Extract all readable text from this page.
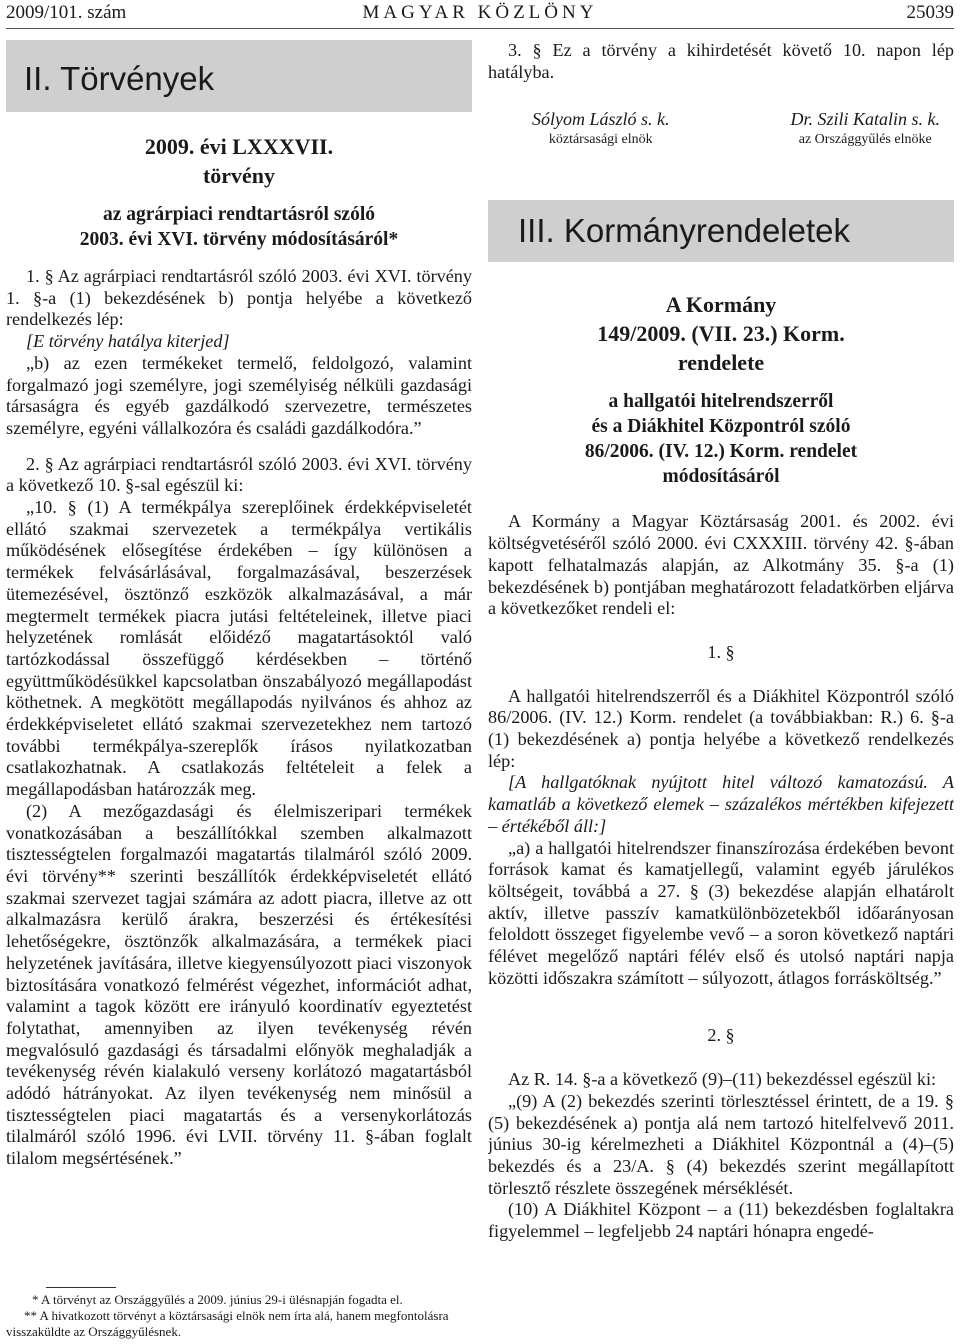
2009/101. szám	MAGYAR KÖZLÖNY	25039
II. Törvények
2009. évi LXXXVII.
törvény
az agrárpiaci rendtartásról szóló
2003. évi XVI. törvény módosításáról*

1. § Az agrárpiaci rendtartásról szóló 2003. évi XVI. törvény 1. §-a (1) bekezdésének b) pontja helyébe a következő rendelkezés lép:

[E törvény hatálya kiterjed]

„b) az ezen termékeket termelő, feldolgozó, valamint forgalmazó jogi személyre, jogi személyiség nélküli gazdasági társaságra és egyéb gazdálkodó szervezetre, természetes személyre, egyéni vállalkozóra és családi gazdálkodóra.”

2. § Az agrárpiaci rendtartásról szóló 2003. évi XVI. törvény a következő 10. §-sal egészül ki:

„10. § (1) A termékpálya szereplőinek érdekképviseletét ellátó szakmai szervezetek a termékpálya vertikális működésének elősegítése érdekében – így különösen a termékek felvásárlásával, forgalmazásával, beszerzések ütemezésével, ösztönző eszközök alkalmazásával, a már megtermelt termékek piacra jutási feltételeinek, illetve piaci helyzetének romlását előidéző magatartásoktól való tartózkodással összefüggő kérdésekben – történő együttműködésükkel kapcsolatban önszabályozó megállapodást köthetnek. A megkötött megállapodás nyilvános és ahhoz az érdekképviseletet ellátó szakmai szervezetekhez nem tartozó további termékpálya-szereplők írásos nyilatkozatban csatlakozhatnak. A csatlakozás feltételeit a felek a megállapodásban határozzák meg.

(2) A mezőgazdasági és élelmiszeripari termékek vonatkozásában a beszállítókkal szemben alkalmazott tisztességtelen forgalmazói magatartás tilalmáról szóló 2009. évi törvény** szerinti beszállítók érdekképviseletét ellátó szakmai szervezet tagjai számára az adott piacra, illetve az ott alkalmazásra kerülő árakra, beszerzési és értékesítési lehetőségekre, ösztönzők alkalmazására, a termékek piaci helyzetének javítására, illetve kiegyensúlyozott piaci viszonyok biztosítására vonatkozó felmérést végezhet, információt adhat, valamint a tagok között ere irányuló koordinatív egyeztetést folytathat, amennyiben az ilyen tevékenység révén megvalósuló gazdasági és társadalmi előnyök meghaladják a tevékenység révén kialakuló verseny korlátozó magatartásból adódó hátrányokat. Az ilyen tevékenység nem minősül a tisztességtelen piaci magatartás és a versenykorlátozás tilalmáról szóló 1996. évi LVII. törvény 11. §-ában foglalt tilalom megsértésének.”

* A törvényt az Országgyűlés a 2009. június 29-i ülésnapján fogadta el.
** A hivatkozott törvényt a köztársasági elnök nem írta alá, hanem megfontolásra visszaküldte az Országgyűlésnek.

3. § Ez a törvény a kihirdetését követő 10. napon lép hatályba.

Sólyom László s. k.
köztársasági elnök
Dr. Szili Katalin s. k.
az Országgyűlés elnöke
III. Kormányrendeletek
A Kormány
149/2009. (VII. 23.) Korm.
rendelete
a hallgatói hitelrendszerről
és a Diákhitel Központról szóló
86/2006. (IV. 12.) Korm. rendelet
módosításáról

A Kormány a Magyar Köztársaság 2001. és 2002. évi költségvetéséről szóló 2000. évi CXXXIII. törvény 42. §-ában kapott felhatalmazás alapján, az Alkotmány 35. §-a (1) bekezdésének b) pontjában meghatározott feladatkörben eljárva a következőket rendeli el:

1. §

A hallgatói hitelrendszerről és a Diákhitel Központról szóló 86/2006. (IV. 12.) Korm. rendelet (a továbbiakban: R.) 6. §-a (1) bekezdésének a) pontja helyébe a következő rendelkezés lép:

[A hallgatóknak nyújtott hitel változó kamatozású. A kamatláb a következő elemek – százalékos mértékben kifejezett – értékéből áll:]

„a) a hallgatói hitelrendszer finanszírozása érdekében bevont források kamat és kamatjellegű, valamint egyéb járulékos költségeit, továbbá a 27. § (3) bekezdése alapján elhatárolt aktív, illetve passzív kamatkülönbözetekből időarányosan feloldott összeget figyelembe vevő – a soron következő naptári félévet megelőző naptári félév első és utolsó naptári napja közötti időszakra számított – súlyozott, átlagos forrásköltség.”

2. §

Az R. 14. §-a a következő (9)–(11) bekezdéssel egészül ki:

„(9) A (2) bekezdés szerinti törlesztéssel érintett, de a 19. § (5) bekezdésének a) pontja alá nem tartozó hitelfelvevő 2011. június 30-ig kérelmezheti a Diákhitel Központnál a (4)–(5) bekezdés és a 23/A. § (4) bekezdés szerint megállapított törlesztő részlete összegének mérséklését.

(10) A Diákhitel Központ – a (11) bekezdésben foglaltakra figyelemmel – legfeljebb 24 naptári hónapra engedé-
